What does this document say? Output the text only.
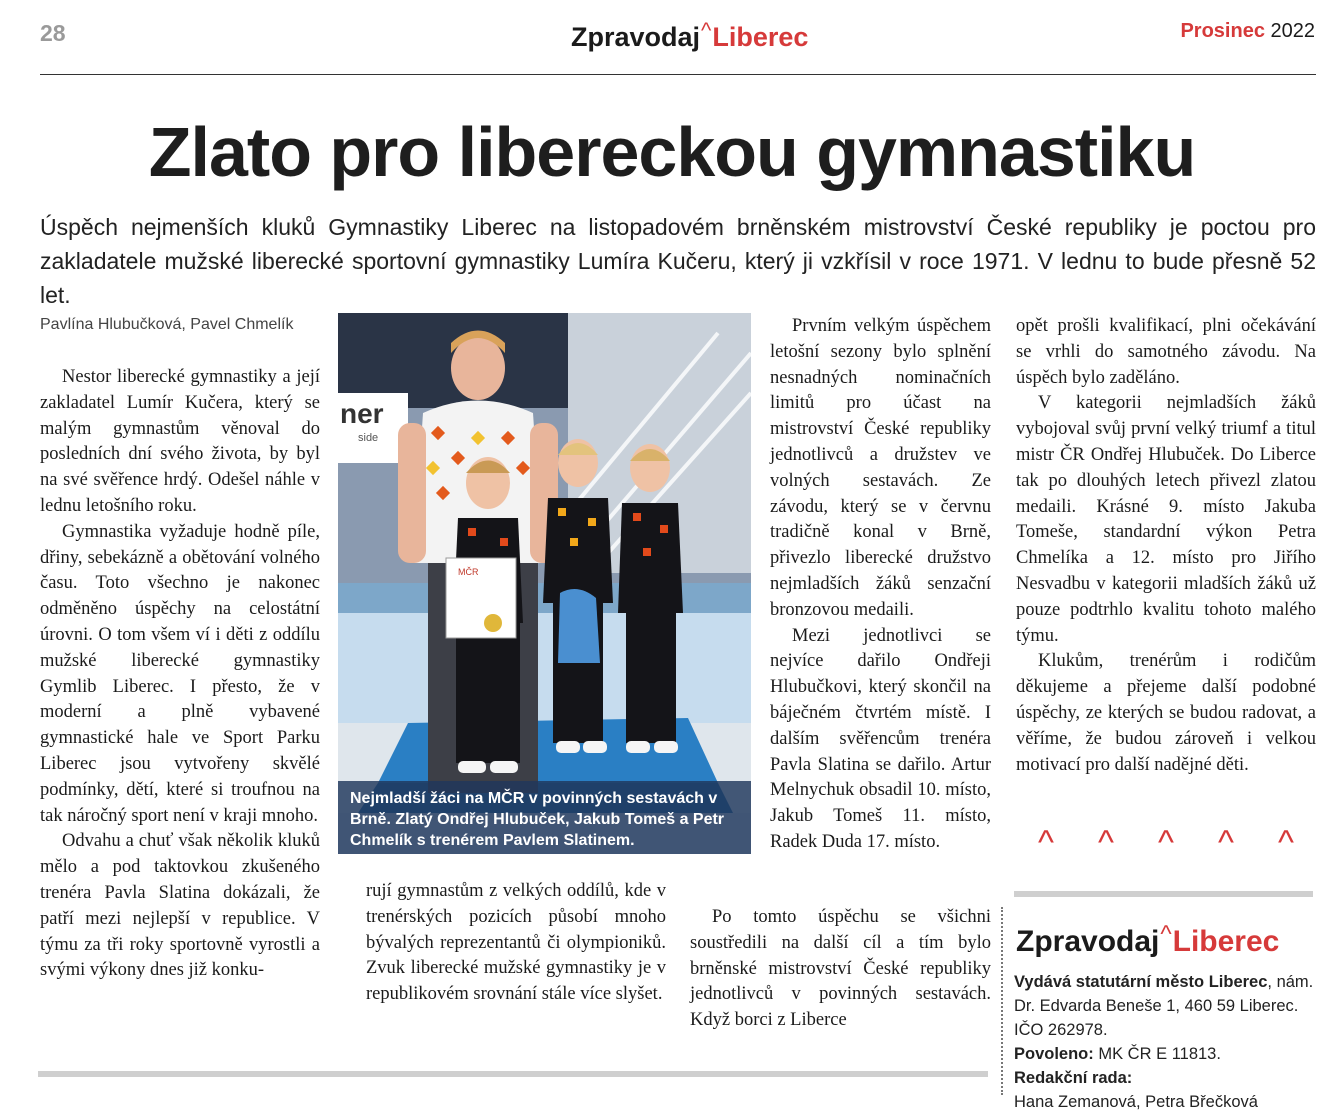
28	Zpravodaj^Liberec	Prosinec 2022
Zlato pro libereckou gymnastiku
Úspěch nejmenších kluků Gymnastiky Liberec na listopadovém brněnském mistrovství České republiky je poctou pro zakladatele mužské liberecké sportovní gymnastiky Lumíra Kučeru, který ji vzkřísil v roce 1971. V lednu to bude přesně 52 let.
Pavlína Hlubučková, Pavel Chmelík

Nestor liberecké gymnastiky a její zakladatel Lumír Kučera, který se malým gymnastům věnoval do posledních dní svého života, by byl na své svěřence hrdý. Odešel náhle v lednu letošního roku.

Gymnastika vyžaduje hodně píle, dřiny, sebekázně a obětování volného času. Toto všechno je nakonec odměněno úspěchy na celostátní úrovni. O tom všem ví i děti z oddílu mužské liberecké gymnastiky Gymlib Liberec. I přesto, že v moderní a plně vybavené gymnastické hale ve Sport Parku Liberec jsou vytvořeny skvělé podmínky, dětí, které si troufnou na tak náročný sport není v kraji mnoho.

Odvahu a chuť však několik kluků mělo a pod taktovkou zkušeného trenéra Pavla Slatina dokázali, že patří mezi nejlepší v republice. V týmu za tři roky sportovně vyrostli a svými výkony dnes již konku-

ner
side
MČR
Nejmladší žáci na MČR v povinných sestavách v Brně. Zlatý Ondřej Hlubuček, Jakub Tomeš a Petr Chmelík s trenérem Pavlem Slatinem.

rují gymnastům z velkých oddílů, kde v trenérských pozicích působí mnoho bývalých reprezentantů či olympioniků. Zvuk liberecké mužské gymnastiky je v republikovém srovnání stále více slyšet.

Prvním velkým úspěchem letošní sezony bylo splnění nesnadných nominačních limitů pro účast na mistrovství České republiky jednotlivců a družstev ve volných sestavách. Ze závodu, který se v červnu tradičně konal v Brně, přivezlo liberecké družstvo nejmladších žáků senzační bronzovou medaili.

Mezi jednotlivci se nejvíce dařilo Ondřeji Hlubučkovi, který skončil na báječném čtvrtém místě. I dalším svěřencům trenéra Pavla Slatina se dařilo. Artur Melnychuk obsadil 10. místo, Jakub Tomeš 11. místo, Radek Duda 17. místo.

Po tomto úspěchu se všichni soustředili na další cíl a tím bylo brněnské mistrovství České republiky jednotlivců v povinných sestavách. Když borci z Liberce

opět prošli kvalifikací, plni očekávání se vrhli do samotného závodu. Na úspěch bylo zaděláno.

V kategorii nejmladších žáků vybojoval svůj první velký triumf a titul mistr ČR Ondřej Hlubuček. Do Liberce tak po dlouhých letech přivezl zlatou medaili. Krásné 9. místo Jakuba Tomeše, standardní výkon Petra Chmelíka a 12. místo pro Jiřího Nesvadbu v kategorii mladších žáků už pouze podtrhlo kvalitu tohoto malého týmu.

Klukům, trenérům i rodičům děkujeme a přejeme další podobné úspěchy, ze kterých se budou radovat, a věříme, že budou zároveň i velkou motivací pro další nadějné děti.

^ ^ ^ ^ ^
Zpravodaj^Liberec
Vydává statutární město Liberec, nám. Dr. Edvarda Beneše 1, 460 59 Liberec. IČO 262978.
Povoleno: MK ČR E 11813.
Redakční rada:
Hana Zemanová, Petra Břečková
